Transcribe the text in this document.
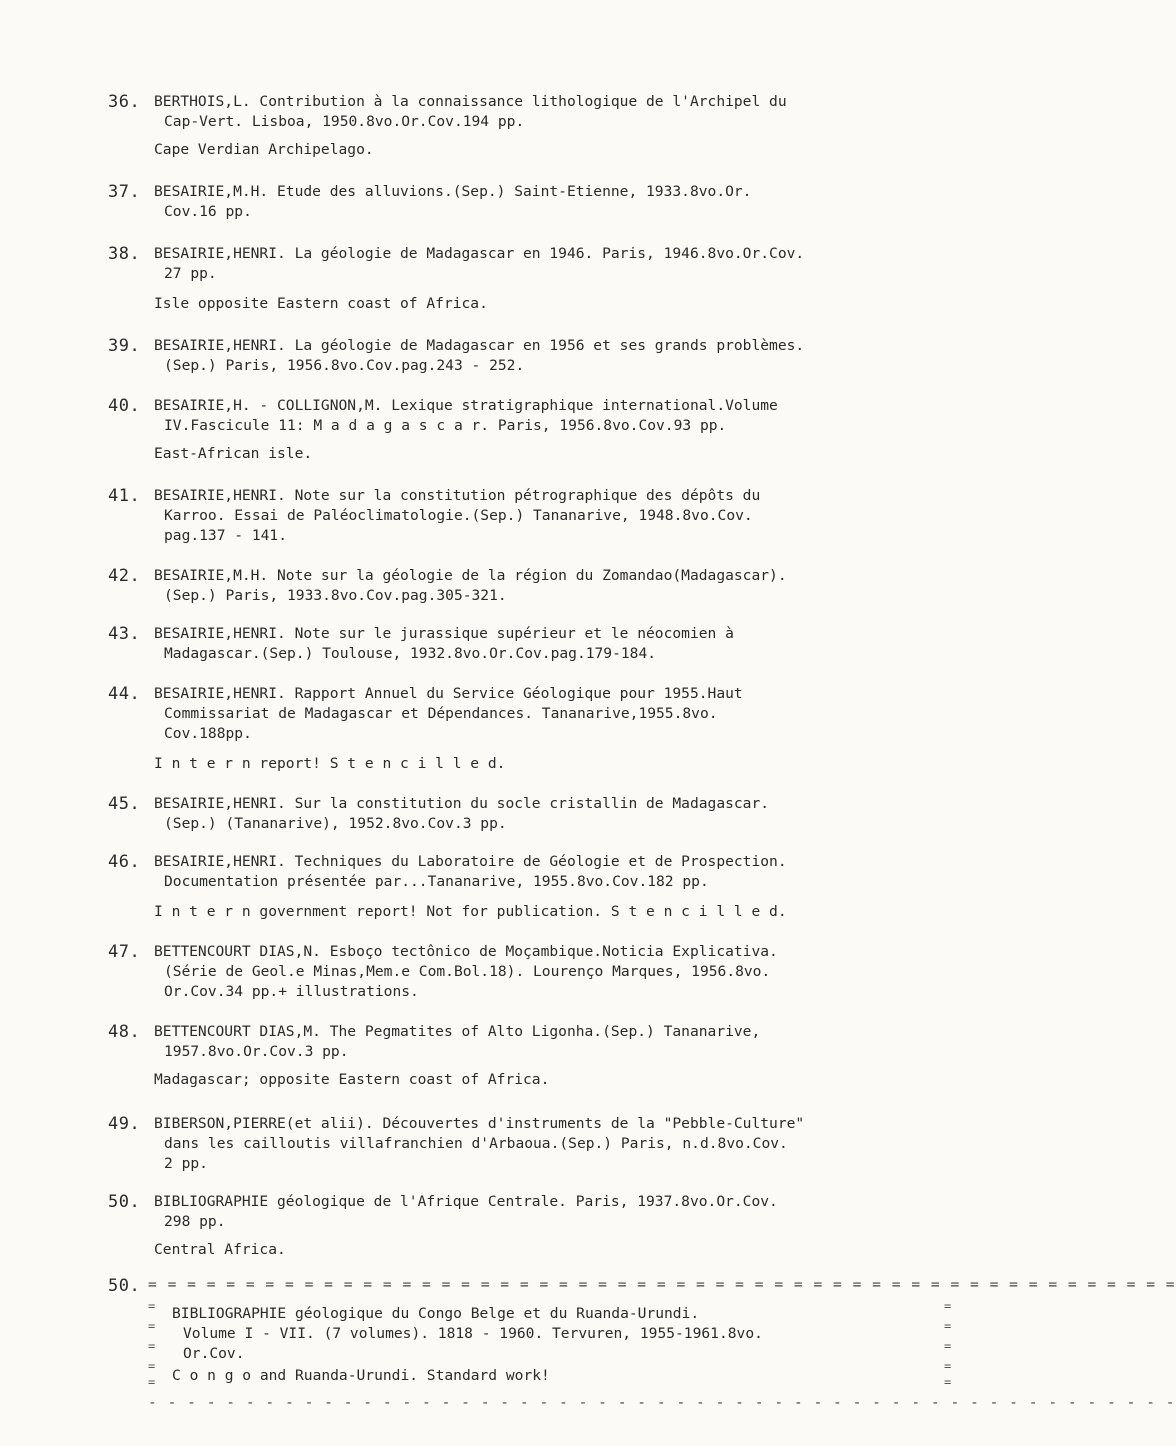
36. BERTHOIS,L. Contribution à la connaissance lithologique de l'Archipel du
Cap-Vert. Lisboa, 1950.8vo.Or.Cov.194 pp.
Cape Verdian Archipelago.
37. BESAIRIE,M.H. Etude des alluvions.(Sep.) Saint-Etienne, 1933.8vo.Or.
Cov.16 pp.
38. BESAIRIE,HENRI. La géologie de Madagascar en 1946. Paris, 1946.8vo.Or.Cov.
27 pp.
Isle opposite Eastern coast of Africa.
39. BESAIRIE,HENRI. La géologie de Madagascar en 1956 et ses grands problèmes.
(Sep.) Paris, 1956.8vo.Cov.pag.243 - 252.
40. BESAIRIE,H. - COLLIGNON,M. Lexique stratigraphique international.Volume
IV.Fascicule 11: M a d a g a s c a r. Paris, 1956.8vo.Cov.93 pp.
East-African isle.
41. BESAIRIE,HENRI. Note sur la constitution pétrographique des dépôts du
Karroo. Essai de Paléoclimatologie.(Sep.) Tananarive, 1948.8vo.Cov.
pag.137 - 141.
42. BESAIRIE,M.H. Note sur la géologie de la région du Zomandao(Madagascar).
(Sep.) Paris, 1933.8vo.Cov.pag.305-321.
43. BESAIRIE,HENRI. Note sur le jurassique supérieur et le néocomien à
Madagascar.(Sep.) Toulouse, 1932.8vo.Or.Cov.pag.179-184.
44. BESAIRIE,HENRI. Rapport Annuel du Service Géologique pour 1955.Haut
Commissariat de Madagascar et Dépendances. Tananarive,1955.8vo.
Cov.188pp.
I n t e r n report! S t e n c i l l e d.
45. BESAIRIE,HENRI. Sur la constitution du socle cristallin de Madagascar.
(Sep.) (Tananarive), 1952.8vo.Cov.3 pp.
46. BESAIRIE,HENRI. Techniques du Laboratoire de Géologie et de Prospection.
Documentation présentée par...Tananarive, 1955.8vo.Cov.182 pp.
I n t e r n government report! Not for publication. S t e n c i l l e d.
47. BETTENCOURT DIAS,N. Esboço tectônico de Moçambique.Noticia Explicativa.
(Série de Geol.e Minas,Mem.e Com.Bol.18). Lourenço Marques, 1956.8vo.
Or.Cov.34 pp.+ illustrations.
48. BETTENCOURT DIAS,M. The Pegmatites of Alto Ligonha.(Sep.) Tananarive,
1957.8vo.Or.Cov.3 pp.
Madagascar; opposite Eastern coast of Africa.
49. BIBERSON,PIERRE(et alii). Découvertes d'instruments de la "Pebble-Culture"
dans les cailloutis villafranchien d'Arbaoua.(Sep.) Paris, n.d.8vo.Cov.
2 pp.
50. BIBLIOGRAPHIE géologique de l'Afrique Centrale. Paris, 1937.8vo.Or.Cov.
298 pp.
Central Africa.
50. = = = = = = = = = = = = = = = = = = = = = = = = = = = = = = = = = = = = = = = = = = = = = = = = = = = = =
BIBLIOGRAPHIE géologique du Congo Belge et du Ruanda-Urundi.
Volume I - VII. (7 volumes). 1818 - 1960. Tervuren, 1955-1961.8vo.
Or.Cov.
C o n g o and Ruanda-Urundi. Standard work!
- - - - - - - - - - - - - - - - - - - - - - - - - - - - - - - - - - - - - - - - - - - - - - - - - - - - -
=	=
=	=
=	=
=	=
=	=
